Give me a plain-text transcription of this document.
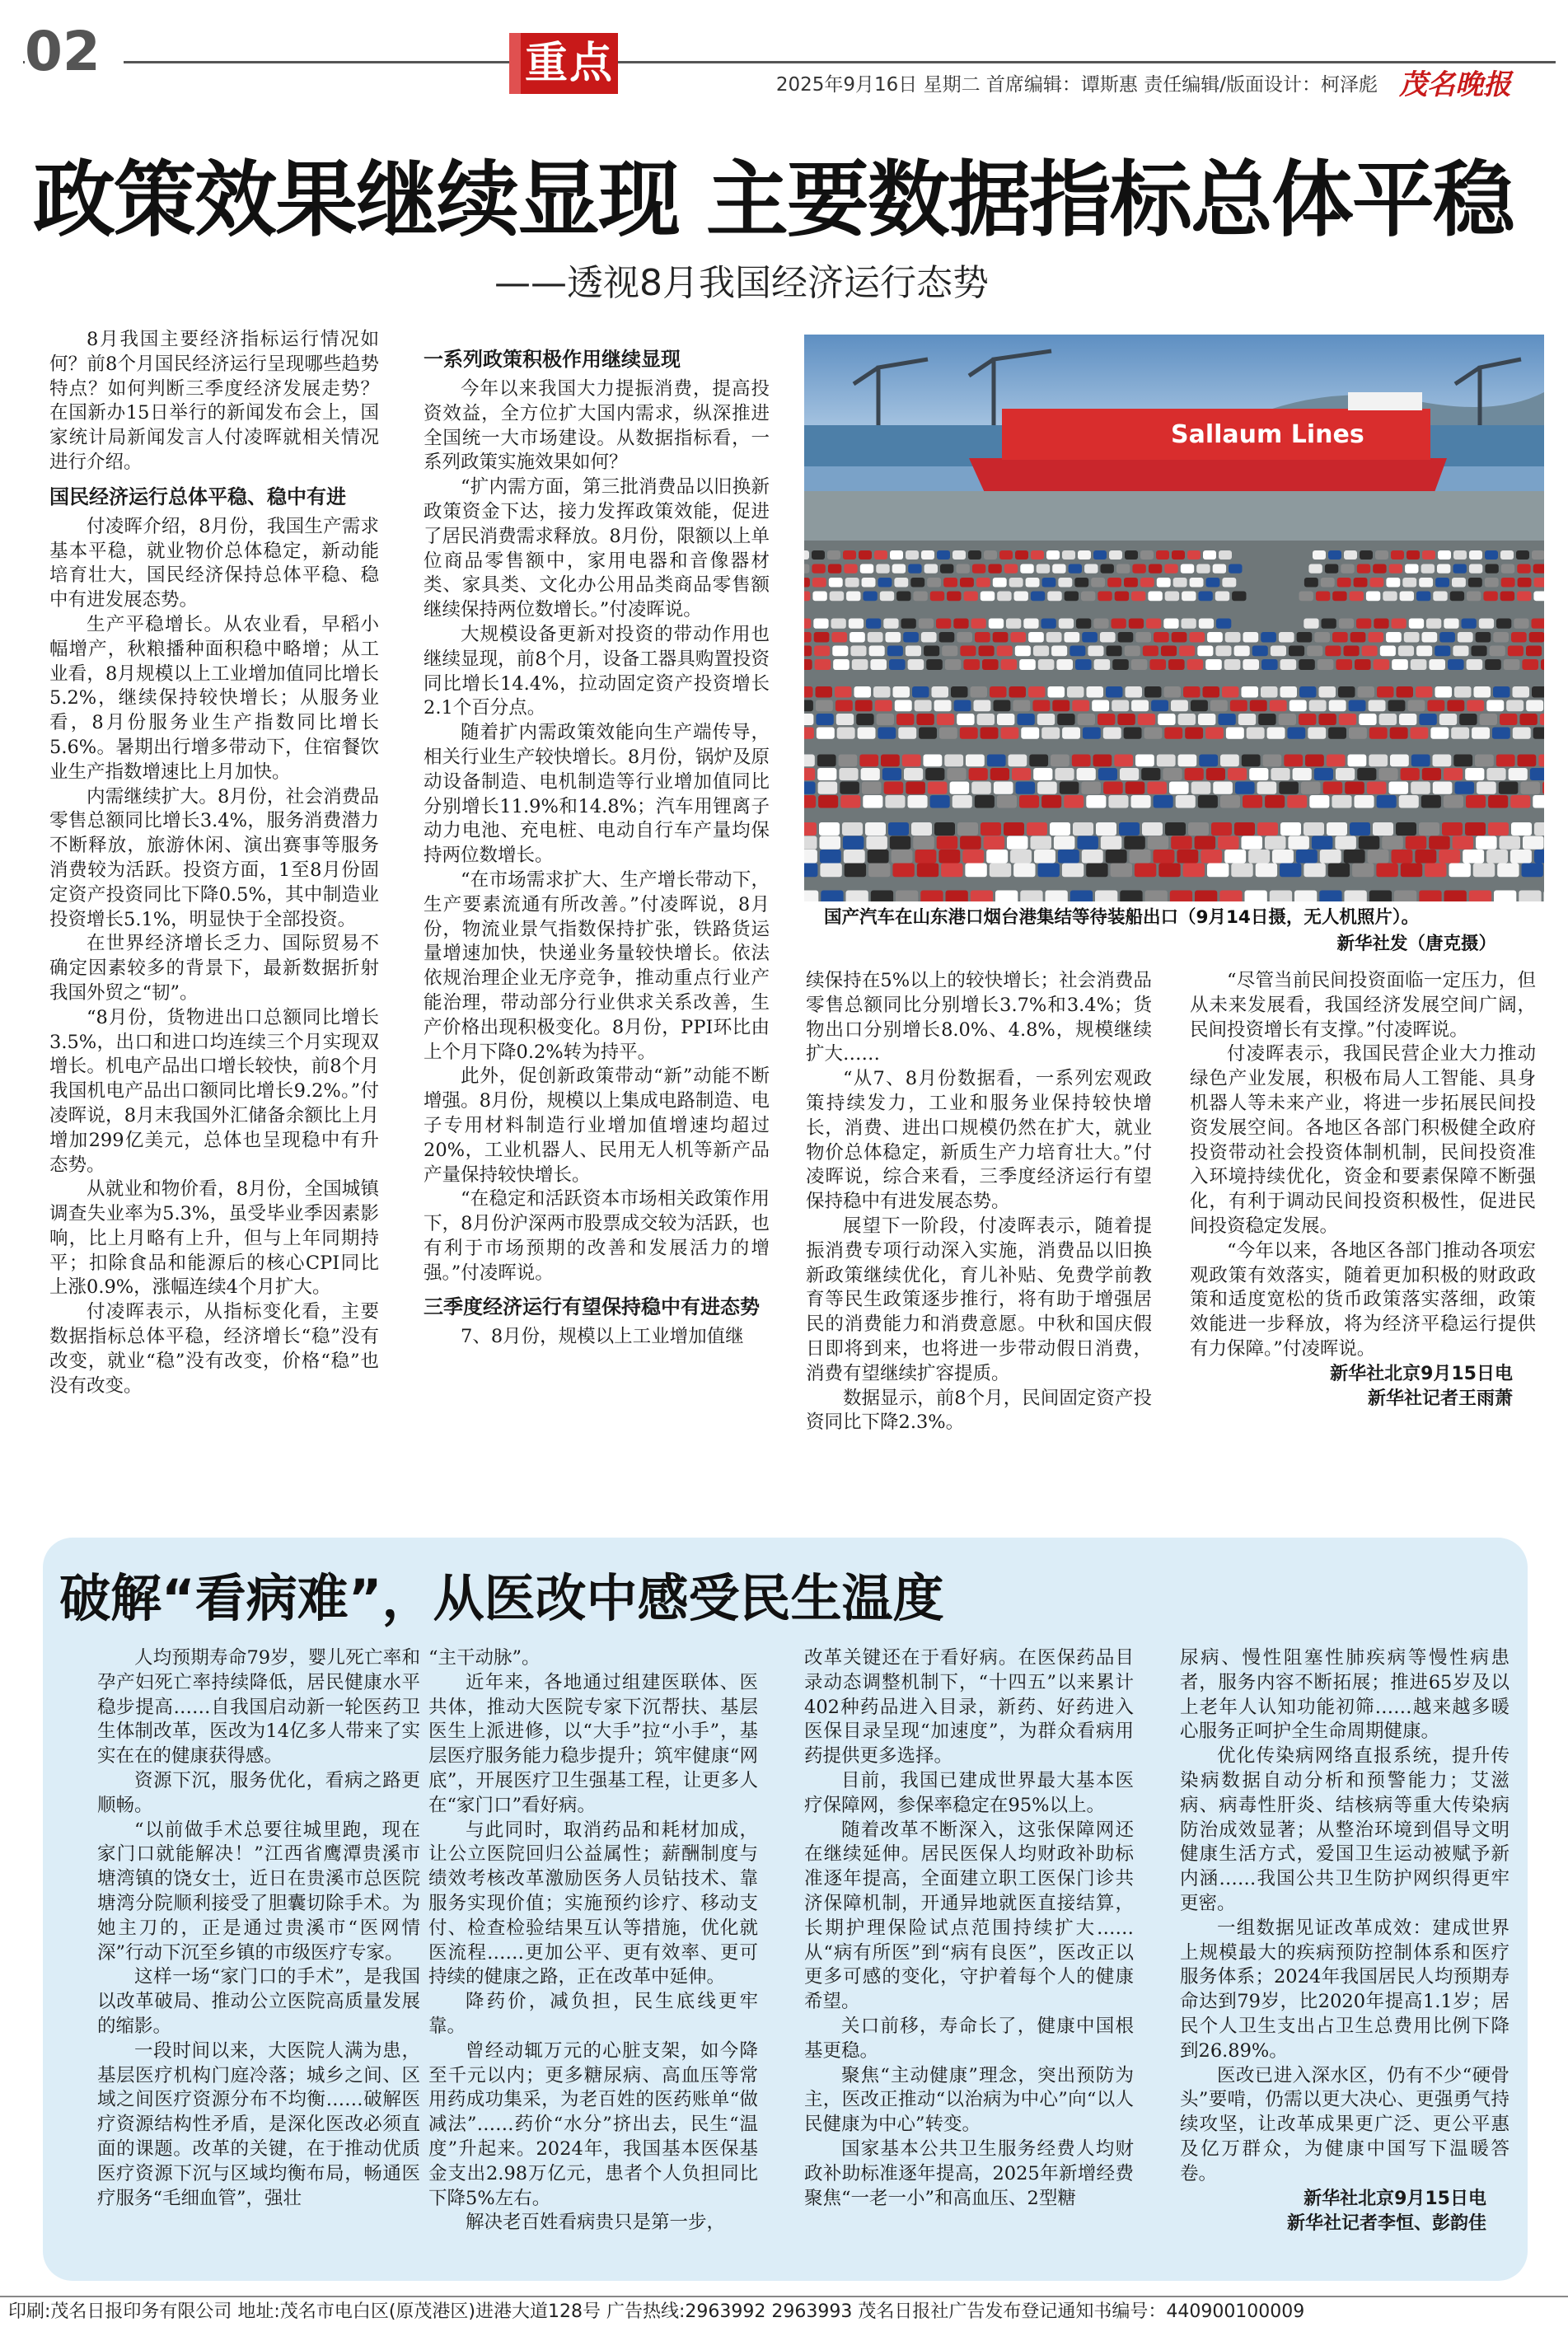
02	重点	2025年9月16日 星期二 首席编辑：谭斯惠 责任编辑/版面设计：柯泽彪 茂名晚报
政策效果继续显现 主要数据指标总体平稳
——透视8月我国经济运行态势

8月我国主要经济指标运行情况如何？前8个月国民经济运行呈现哪些趋势特点？如何判断三季度经济发展走势？在国新办15日举行的新闻发布会上，国家统计局新闻发言人付凌晖就相关情况进行介绍。

国民经济运行总体平稳、稳中有进

付凌晖介绍，8月份，我国生产需求基本平稳，就业物价总体稳定，新动能培育壮大，国民经济保持总体平稳、稳中有进发展态势。

生产平稳增长。从农业看，早稻小幅增产，秋粮播种面积稳中略增；从工业看，8月规模以上工业增加值同比增长5.2%，继续保持较快增长；从服务业看，8月份服务业生产指数同比增长5.6%。暑期出行增多带动下，住宿餐饮业生产指数增速比上月加快。

内需继续扩大。8月份，社会消费品零售总额同比增长3.4%，服务消费潜力不断释放，旅游休闲、演出赛事等服务消费较为活跃。投资方面，1至8月份固定资产投资同比下降0.5%，其中制造业投资增长5.1%，明显快于全部投资。

在世界经济增长乏力、国际贸易不确定因素较多的背景下，最新数据折射我国外贸之“韧”。

“8月份，货物进出口总额同比增长3.5%，出口和进口均连续三个月实现双增长。机电产品出口增长较快，前8个月我国机电产品出口额同比增长9.2%。”付凌晖说，8月末我国外汇储备余额比上月增加299亿美元，总体也呈现稳中有升态势。

从就业和物价看，8月份，全国城镇调查失业率为5.3%，虽受毕业季因素影响，比上月略有上升，但与上年同期持平；扣除食品和能源后的核心CPI同比上涨0.9%，涨幅连续4个月扩大。

付凌晖表示，从指标变化看，主要数据指标总体平稳，经济增长“稳”没有改变，就业“稳”没有改变，价格“稳”也没有改变。

一系列政策积极作用继续显现

今年以来我国大力提振消费，提高投资效益，全方位扩大国内需求，纵深推进全国统一大市场建设。从数据指标看，一系列政策实施效果如何？

“扩内需方面，第三批消费品以旧换新政策资金下达，接力发挥政策效能，促进了居民消费需求释放。8月份，限额以上单位商品零售额中，家用电器和音像器材类、家具类、文化办公用品类商品零售额继续保持两位数增长。”付凌晖说。

大规模设备更新对投资的带动作用也继续显现，前8个月，设备工器具购置投资同比增长14.4%，拉动固定资产投资增长2.1个百分点。

随着扩内需政策效能向生产端传导，相关行业生产较快增长。8月份，锅炉及原动设备制造、电机制造等行业增加值同比分别增长11.9%和14.8%；汽车用锂离子动力电池、充电桩、电动自行车产量均保持两位数增长。

“在市场需求扩大、生产增长带动下，生产要素流通有所改善。”付凌晖说，8月份，物流业景气指数保持扩张，铁路货运量增速加快，快递业务量较快增长。依法依规治理企业无序竞争，推动重点行业产能治理，带动部分行业供求关系改善，生产价格出现积极变化。8月份，PPI环比由上个月下降0.2%转为持平。

此外，促创新政策带动“新”动能不断增强。8月份，规模以上集成电路制造、电子专用材料制造行业增加值增速均超过20%，工业机器人、民用无人机等新产品产量保持较快增长。

“在稳定和活跃资本市场相关政策作用下，8月份沪深两市股票成交较为活跃，也有利于市场预期的改善和发展活力的增强。”付凌晖说。

三季度经济运行有望保持稳中有进态势

7、8月份，规模以上工业增加值继

续保持在5%以上的较快增长；社会消费品零售总额同比分别增长3.7%和3.4%；货物出口分别增长8.0%、4.8%，规模继续扩大……

“从7、8月份数据看，一系列宏观政策持续发力，工业和服务业保持较快增长，消费、进出口规模仍然在扩大，就业物价总体稳定，新质生产力培育壮大。”付凌晖说，综合来看，三季度经济运行有望保持稳中有进发展态势。

展望下一阶段，付凌晖表示，随着提振消费专项行动深入实施，消费品以旧换新政策继续优化，育儿补贴、免费学前教育等民生政策逐步推行，将有助于增强居民的消费能力和消费意愿。中秋和国庆假日即将到来，也将进一步带动假日消费，消费有望继续扩容提质。

数据显示，前8个月，民间固定资产投资同比下降2.3%。

“尽管当前民间投资面临一定压力，但从未来发展看，我国经济发展空间广阔，民间投资增长有支撑。”付凌晖说。

付凌晖表示，我国民营企业大力推动绿色产业发展，积极布局人工智能、具身机器人等未来产业，将进一步拓展民间投资发展空间。各地区各部门积极健全政府投资带动社会投资体制机制，民间投资准入环境持续优化，资金和要素保障不断强化，有利于调动民间投资积极性，促进民间投资稳定发展。

“今年以来，各地区各部门推动各项宏观政策有效落实，随着更加积极的财政政策和适度宽松的货币政策落实落细，政策效能进一步释放，将为经济平稳运行提供有力保障。”付凌晖说。

新华社北京9月15日电

新华社记者王雨萧

Sallaum Lines
国产汽车在山东港口烟台港集结等待装船出口（9月14日摄，无人机照片）。
新华社发（唐克摄）
破解“看病难”，从医改中感受民生温度

人均预期寿命79岁，婴儿死亡率和孕产妇死亡率持续降低，居民健康水平稳步提高……自我国启动新一轮医药卫生体制改革，医改为14亿多人带来了实实在在的健康获得感。

资源下沉，服务优化，看病之路更顺畅。

“以前做手术总要往城里跑，现在家门口就能解决！”江西省鹰潭贵溪市塘湾镇的饶女士，近日在贵溪市总医院塘湾分院顺利接受了胆囊切除手术。为她主刀的，正是通过贵溪市“医网情深”行动下沉至乡镇的市级医疗专家。

这样一场“家门口的手术”，是我国以改革破局、推动公立医院高质量发展的缩影。

一段时间以来，大医院人满为患，基层医疗机构门庭冷落；城乡之间、区域之间医疗资源分布不均衡……破解医疗资源结构性矛盾，是深化医改必须直面的课题。改革的关键，在于推动优质医疗资源下沉与区域均衡布局，畅通医疗服务“毛细血管”，强壮

“主干动脉”。

近年来，各地通过组建医联体、医共体，推动大医院专家下沉帮扶、基层医生上派进修，以“大手”拉“小手”，基层医疗服务能力稳步提升；筑牢健康“网底”，开展医疗卫生强基工程，让更多人在“家门口”看好病。

与此同时，取消药品和耗材加成，让公立医院回归公益属性；薪酬制度与绩效考核改革激励医务人员钻技术、靠服务实现价值；实施预约诊疗、移动支付、检查检验结果互认等措施，优化就医流程……更加公平、更有效率、更可持续的健康之路，正在改革中延伸。

降药价，减负担，民生底线更牢靠。

曾经动辄万元的心脏支架，如今降至千元以内；更多糖尿病、高血压等常用药成功集采，为老百姓的医药账单“做减法”……药价“水分”挤出去，民生“温度”升起来。2024年，我国基本医保基金支出2.98万亿元，患者个人负担同比下降5%左右。

解决老百姓看病贵只是第一步，

改革关键还在于看好病。在医保药品目录动态调整机制下，“十四五”以来累计402种药品进入目录，新药、好药进入医保目录呈现“加速度”，为群众看病用药提供更多选择。

目前，我国已建成世界最大基本医疗保障网，参保率稳定在95%以上。

随着改革不断深入，这张保障网还在继续延伸。居民医保人均财政补助标准逐年提高，全面建立职工医保门诊共济保障机制，开通异地就医直接结算，长期护理保险试点范围持续扩大……从“病有所医”到“病有良医”，医改正以更多可感的变化，守护着每个人的健康希望。

关口前移，寿命长了，健康中国根基更稳。

聚焦“主动健康”理念，突出预防为主，医改正推动“以治病为中心”向“以人民健康为中心”转变。

国家基本公共卫生服务经费人均财政补助标准逐年提高，2025年新增经费聚焦“一老一小”和高血压、2型糖

尿病、慢性阻塞性肺疾病等慢性病患者，服务内容不断拓展；推进65岁及以上老年人认知功能初筛……越来越多暖心服务正呵护全生命周期健康。

优化传染病网络直报系统，提升传染病数据自动分析和预警能力；艾滋病、病毒性肝炎、结核病等重大传染病防治成效显著；从整治环境到倡导文明健康生活方式，爱国卫生运动被赋予新内涵……我国公共卫生防护网织得更牢更密。

一组数据见证改革成效：建成世界上规模最大的疾病预防控制体系和医疗服务体系；2024年我国居民人均预期寿命达到79岁，比2020年提高1.1岁；居民个人卫生支出占卫生总费用比例下降到26.89%。

医改已进入深水区，仍有不少“硬骨头”要啃，仍需以更大决心、更强勇气持续攻坚，让改革成果更广泛、更公平惠及亿万群众，为健康中国写下温暖答卷。

新华社北京9月15日电

新华社记者李恒、彭韵佳

印刷:茂名日报印务有限公司 地址:茂名市电白区(原茂港区)进港大道128号 广告热线:2963992 2963993 茂名日报社广告发布登记通知书编号：440900100009
